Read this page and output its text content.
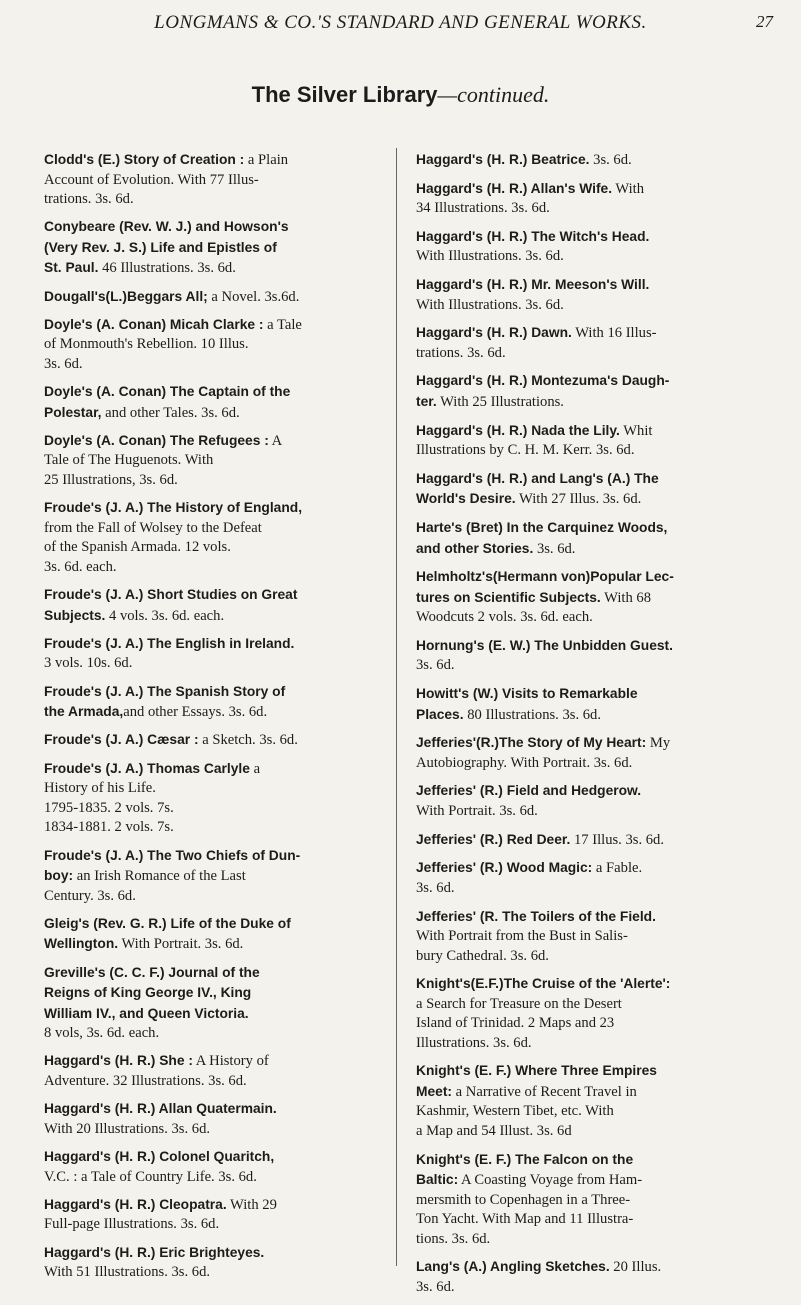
LONGMANS & CO.'S STANDARD AND GENERAL WORKS.	27
The Silver Library—continued.
Clodd's (E.) Story of Creation : a Plain
Account of Evolution. With 77 Illus-
trations. 3s. 6d.
Conybeare (Rev. W. J.) and Howson's
(Very Rev. J. S.) Life and Epistles of
St. Paul. 46 Illustrations. 3s. 6d.
Dougall's(L.)Beggars All; a Novel. 3s.6d.
Doyle's (A. Conan) Micah Clarke : a Tale
of Monmouth's Rebellion. 10 Illus.
3s. 6d.
Doyle's (A. Conan) The Captain of the
Polestar, and other Tales. 3s. 6d.
Doyle's (A. Conan) The Refugees : A
Tale of The Huguenots. With
25 Illustrations, 3s. 6d.
Froude's (J. A.) The History of England,
from the Fall of Wolsey to the Defeat
of the Spanish Armada. 12 vols.
3s. 6d. each.
Froude's (J. A.) Short Studies on Great
Subjects. 4 vols. 3s. 6d. each.
Froude's (J. A.) The English in Ireland.
3 vols. 10s. 6d.
Froude's (J. A.) The Spanish Story of
the Armada,and other Essays. 3s. 6d.
Froude's (J. A.) Cæsar : a Sketch. 3s. 6d.
Froude's (J. A.) Thomas Carlyle a
History of his Life.
1795-1835. 2 vols. 7s.
1834-1881. 2 vols. 7s.
Froude's (J. A.) The Two Chiefs of Dun-
boy: an Irish Romance of the Last
Century. 3s. 6d.
Gleig's (Rev. G. R.) Life of the Duke of
Wellington. With Portrait. 3s. 6d.
Greville's (C. C. F.) Journal of the
Reigns of King George IV., King
William IV., and Queen Victoria.
8 vols, 3s. 6d. each.
Haggard's (H. R.) She : A History of
Adventure. 32 Illustrations. 3s. 6d.
Haggard's (H. R.) Allan Quatermain.
With 20 Illustrations. 3s. 6d.
Haggard's (H. R.) Colonel Quaritch,
V.C. : a Tale of Country Life. 3s. 6d.
Haggard's (H. R.) Cleopatra. With 29
Full-page Illustrations. 3s. 6d.
Haggard's (H. R.) Eric Brighteyes.
With 51 Illustrations. 3s. 6d.
Haggard's (H. R.) Beatrice. 3s. 6d.
Haggard's (H. R.) Allan's Wife. With
34 Illustrations. 3s. 6d.
Haggard's (H. R.) The Witch's Head.
With Illustrations. 3s. 6d.
Haggard's (H. R.) Mr. Meeson's Will.
With Illustrations. 3s. 6d.
Haggard's (H. R.) Dawn. With 16 Illus-
trations. 3s. 6d.
Haggard's (H. R.) Montezuma's Daugh-
ter. With 25 Illustrations.
Haggard's (H. R.) Nada the Lily. Whit
Illustrations by C. H. M. Kerr. 3s. 6d.
Haggard's (H. R.) and Lang's (A.) The
World's Desire. With 27 Illus. 3s. 6d.
Harte's (Bret) In the Carquinez Woods,
and other Stories. 3s. 6d.
Helmholtz's(Hermann von)Popular Lec-
tures on Scientific Subjects. With 68
Woodcuts 2 vols. 3s. 6d. each.
Hornung's (E. W.) The Unbidden Guest.
3s. 6d.
Howitt's (W.) Visits to Remarkable
Places. 80 Illustrations. 3s. 6d.
Jefferies'(R.)The Story of My Heart: My
Autobiography. With Portrait. 3s. 6d.
Jefferies' (R.) Field and Hedgerow.
With Portrait. 3s. 6d.
Jefferies' (R.) Red Deer. 17 Illus. 3s. 6d.
Jefferies' (R.) Wood Magic: a Fable.
3s. 6d.
Jefferies' (R. The Toilers of the Field.
With Portrait from the Bust in Salis-
bury Cathedral. 3s. 6d.
Knight's(E.F.)The Cruise of the 'Alerte':
a Search for Treasure on the Desert
Island of Trinidad. 2 Maps and 23
Illustrations. 3s. 6d.
Knight's (E. F.) Where Three Empires
Meet: a Narrative of Recent Travel in
Kashmir, Western Tibet, etc. With
a Map and 54 Illust. 3s. 6d
Knight's (E. F.) The Falcon on the
Baltic: A Coasting Voyage from Ham-
mersmith to Copenhagen in a Three-
Ton Yacht. With Map and 11 Illustra-
tions. 3s. 6d.
Lang's (A.) Angling Sketches. 20 Illus.
3s. 6d.
